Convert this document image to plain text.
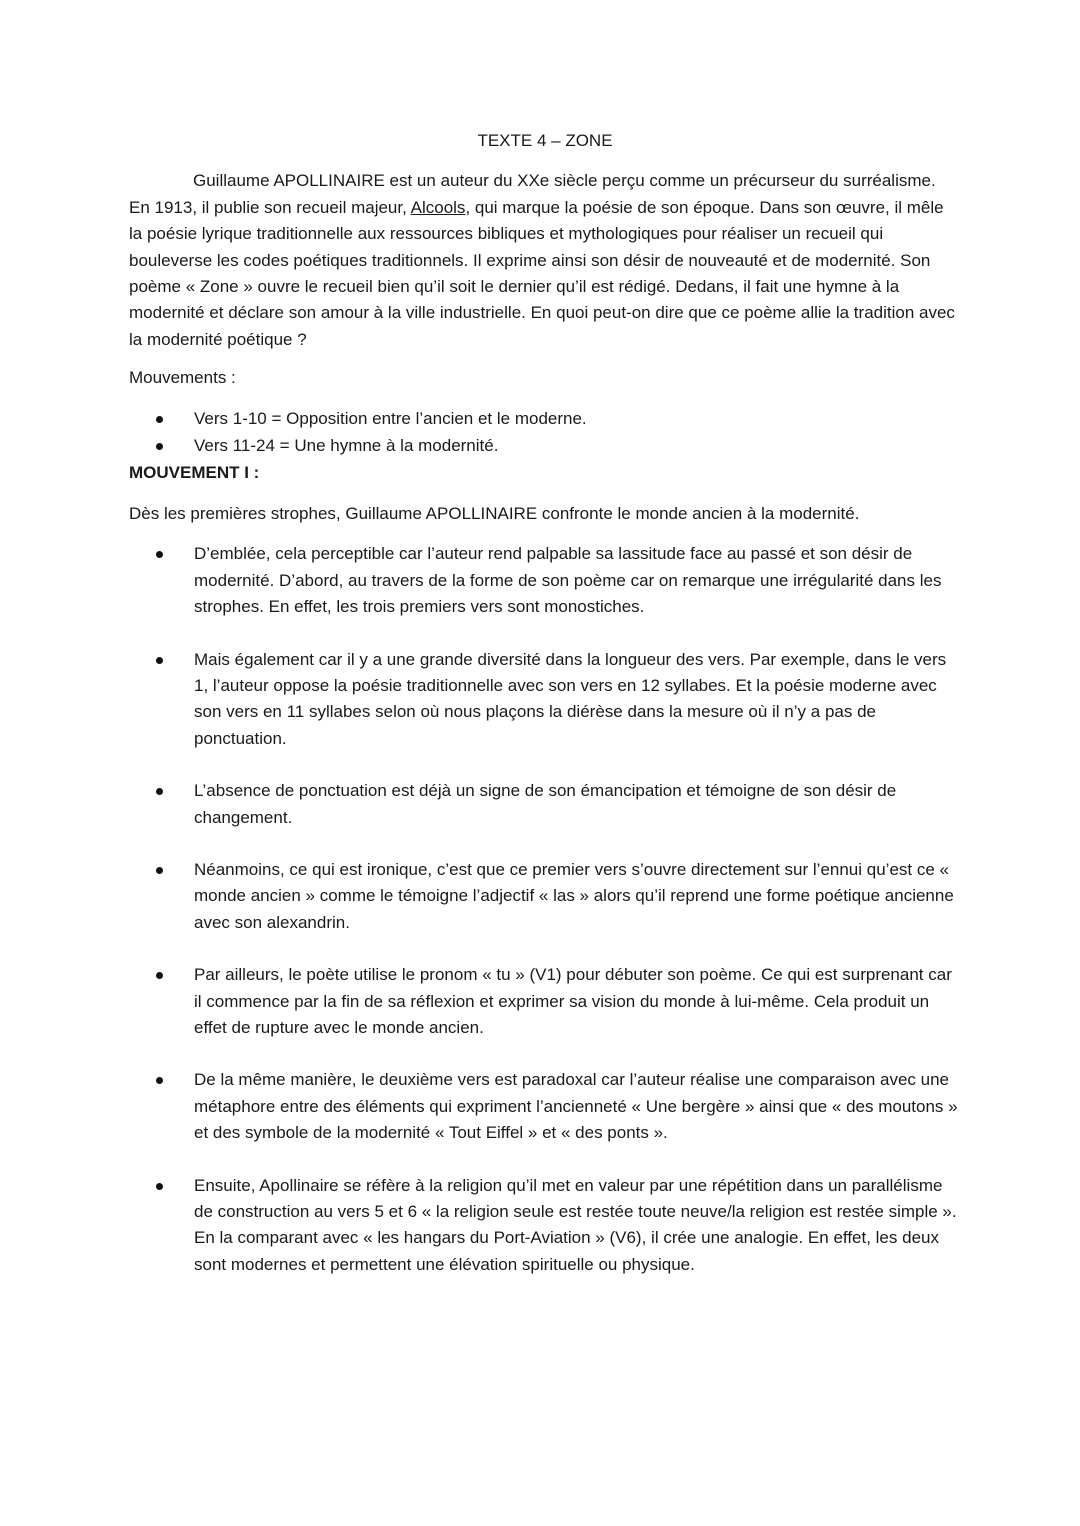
TEXTE 4 – ZONE

Guillaume APOLLINAIRE est un auteur du XXe siècle perçu comme un précurseur du surréalisme. En 1913, il publie son recueil majeur, Alcools, qui marque la poésie de son époque. Dans son œuvre, il mêle la poésie lyrique traditionnelle aux ressources bibliques et mythologiques pour réaliser un recueil qui bouleverse les codes poétiques traditionnels. Il exprime ainsi son désir de nouveauté et de modernité. Son poème « Zone » ouvre le recueil bien qu’il soit le dernier qu’il est rédigé. Dedans, il fait une hymne à la modernité et déclare son amour à la ville industrielle. En quoi peut-on dire que ce poème allie la tradition avec la modernité poétique ?

Mouvements :

Vers 1-10 = Opposition entre l’ancien et le moderne.
Vers 11-24 = Une hymne à la modernité.

MOUVEMENT I :

Dès les premières strophes, Guillaume APOLLINAIRE confronte le monde ancien à la modernité.

D’emblée, cela perceptible car l’auteur rend palpable sa lassitude face au passé et son désir de modernité. D’abord, au travers de la forme de son poème car on remarque une irrégularité dans les strophes. En effet, les trois premiers vers sont monostiches.
Mais également car il y a une grande diversité dans la longueur des vers. Par exemple, dans le vers 1, l’auteur oppose la poésie traditionnelle avec son vers en 12 syllabes. Et la poésie moderne avec son vers en 11 syllabes selon où nous plaçons la diérèse dans la mesure où il n’y a pas de ponctuation.
L’absence de ponctuation est déjà un signe de son émancipation et témoigne de son désir de changement.
Néanmoins, ce qui est ironique, c’est que ce premier vers s’ouvre directement sur l’ennui qu’est ce « monde ancien » comme le témoigne l’adjectif « las » alors qu’il reprend une forme poétique ancienne avec son alexandrin.
Par ailleurs, le poète utilise le pronom « tu » (V1) pour débuter son poème. Ce qui est surprenant car il commence par la fin de sa réflexion et exprimer sa vision du monde à lui-même. Cela produit un effet de rupture avec le monde ancien.
De la même manière, le deuxième vers est paradoxal car l’auteur réalise une comparaison avec une métaphore entre des éléments qui expriment l’ancienneté « Une bergère » ainsi que « des moutons » et des symbole de la modernité « Tout Eiffel » et « des ponts ».
Ensuite, Apollinaire se réfère à la religion qu’il met en valeur par une répétition dans un parallélisme de construction au vers 5 et 6 « la religion seule est restée toute neuve/la religion est restée simple ». En la comparant avec « les hangars du Port-Aviation » (V6), il crée une analogie. En effet, les deux sont modernes et permettent une élévation spirituelle ou physique.
